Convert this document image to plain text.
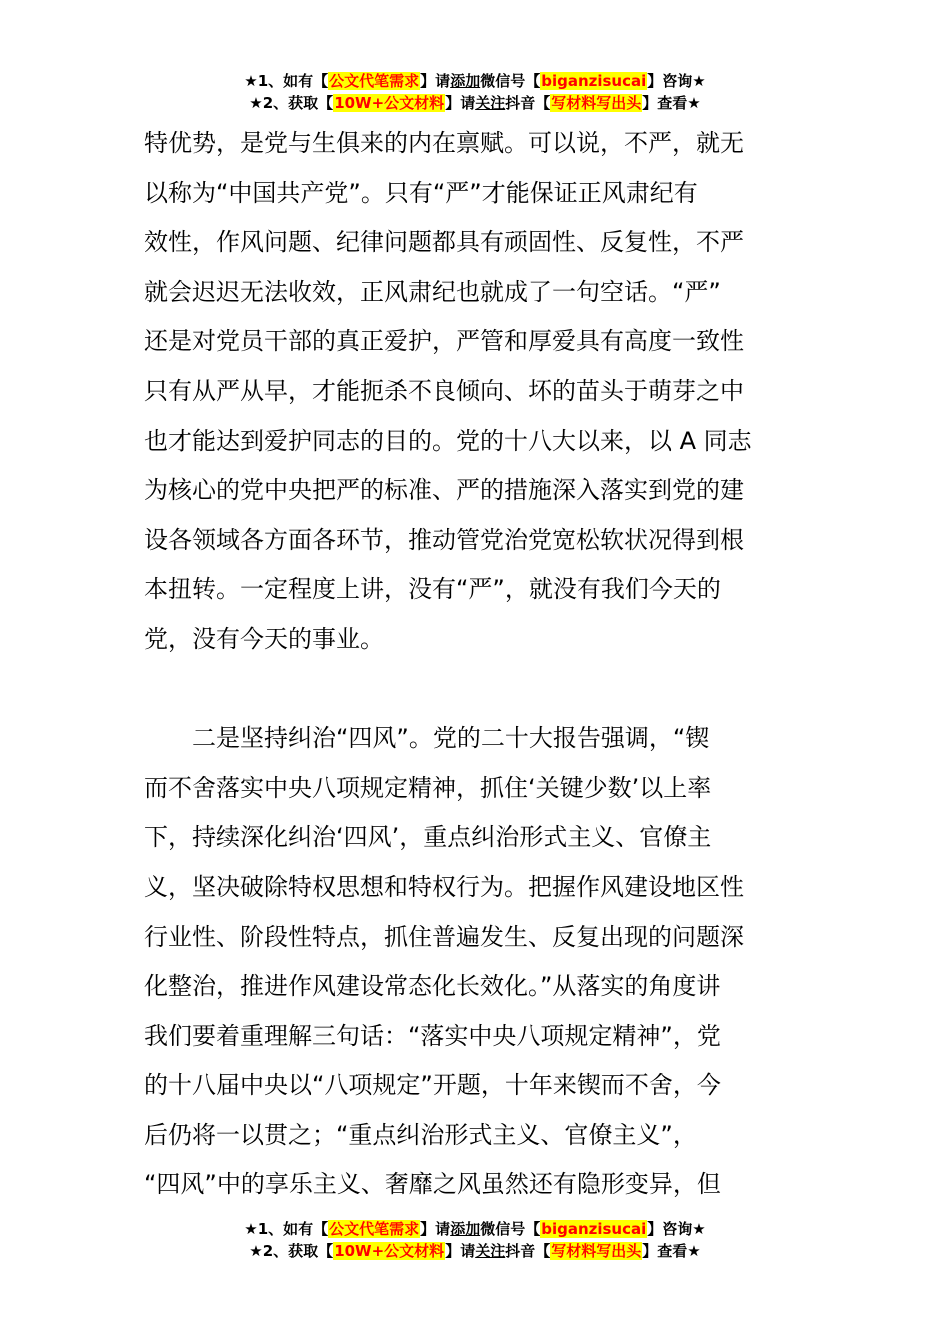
★1、如有【公文代笔需求】请添加微信号【biganzisucai】咨询★
★2、获取【10W+公文材料】请关注抖音【写材料写出头】查看★
特优势，是党与生俱来的内在禀赋。可以说，不严，就无
以称为“中国共产党”。只有“严”才能保证正风肃纪有
效性，作风问题、纪律问题都具有顽固性、反复性，不严
就会迟迟无法收效，正风肃纪也就成了一句空话。“严”
还是对党员干部的真正爱护，严管和厚爱具有高度一致性
只有从严从早，才能扼杀不良倾向、坏的苗头于萌芽之中
也才能达到爱护同志的目的。党的十八大以来，以 A 同志
为核心的党中央把严的标准、严的措施深入落实到党的建
设各领域各方面各环节，推动管党治党宽松软状况得到根
本扭转。一定程度上讲，没有“严”，就没有我们今天的
党，没有今天的事业。
二是坚持纠治“四风”。党的二十大报告强调，“锲
而不舍落实中央八项规定精神，抓住‘关键少数’以上率
下，持续深化纠治‘四风’，重点纠治形式主义、官僚主
义，坚决破除特权思想和特权行为。把握作风建设地区性
行业性、阶段性特点，抓住普遍发生、反复出现的问题深
化整治，推进作风建设常态化长效化。”从落实的角度讲
我们要着重理解三句话：“落实中央八项规定精神”，党
的十八届中央以“八项规定”开题，十年来锲而不舍，今
后仍将一以贯之；“重点纠治形式主义、官僚主义”，
“四风”中的享乐主义、奢靡之风虽然还有隐形变异，但
★1、如有【公文代笔需求】请添加微信号【biganzisucai】咨询★
★2、获取【10W+公文材料】请关注抖音【写材料写出头】查看★
